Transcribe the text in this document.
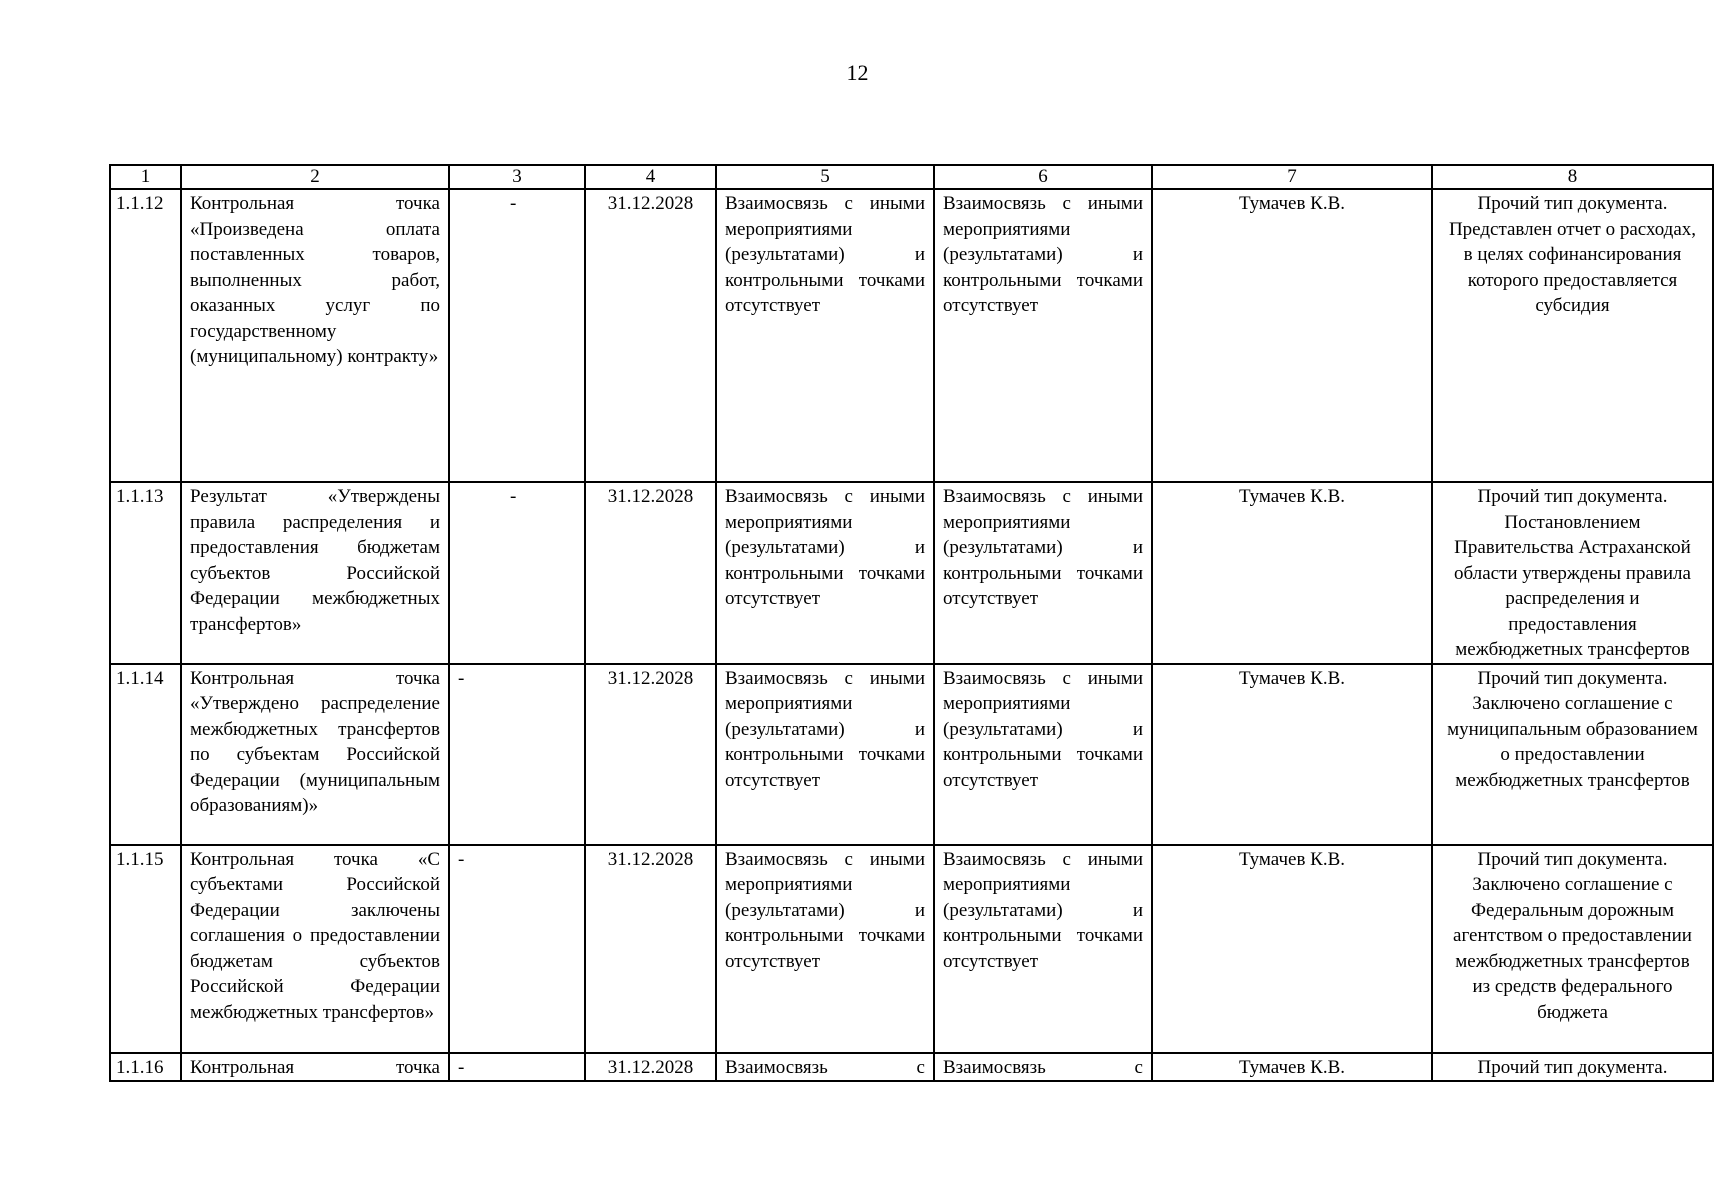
12
1	2	3	4	5	6	7	8
1.1.12	Контрольная точка «Произведена оплата поставленных товаров, выполненных работ, оказанных услуг по государственному (муниципальному) контракту»	-	31.12.2028	Взаимосвязь с иными мероприятиями (результатами) и контрольными точками отсутствует	Взаимосвязь с иными мероприятиями (результатами) и контрольными точками отсутствует	Тумачев К.В.	Прочий тип документа. Представлен отчет о расходах, в целях софинансирования которого предоставляется субсидия
1.1.13	Результат «Утверждены правила распределения и предоставления бюджетам субъектов Российской Федерации межбюджетных трансфертов»	-	31.12.2028	Взаимосвязь с иными мероприятиями (результатами) и контрольными точками отсутствует	Взаимосвязь с иными мероприятиями (результатами) и контрольными точками отсутствует	Тумачев К.В.	Прочий тип документа. Постановлением Правительства Астраханской области утверждены правила распределения и предоставления межбюджетных трансфертов
1.1.14	Контрольная точка «Утверждено распределение межбюджетных трансфертов по субъектам Российской Федерации (муниципальным образованиям)»	-	31.12.2028	Взаимосвязь с иными мероприятиями (результатами) и контрольными точками отсутствует	Взаимосвязь с иными мероприятиями (результатами) и контрольными точками отсутствует	Тумачев К.В.	Прочий тип документа. Заключено соглашение с муниципальным образованием о предоставлении межбюджетных трансфертов
1.1.15	Контрольная точка «С субъектами Российской Федерации заключены соглашения о предоставлении бюджетам субъектов Российской Федерации межбюджетных трансфертов»	-	31.12.2028	Взаимосвязь с иными мероприятиями (результатами) и контрольными точками отсутствует	Взаимосвязь с иными мероприятиями (результатами) и контрольными точками отсутствует	Тумачев К.В.	Прочий тип документа. Заключено соглашение с Федеральным дорожным агентством о предоставлении межбюджетных трансфертов из средств федерального бюджета
1.1.16	Контрольная точка	-	31.12.2028	Взаимосвязь с	Взаимосвязь с	Тумачев К.В.	Прочий тип документа.
